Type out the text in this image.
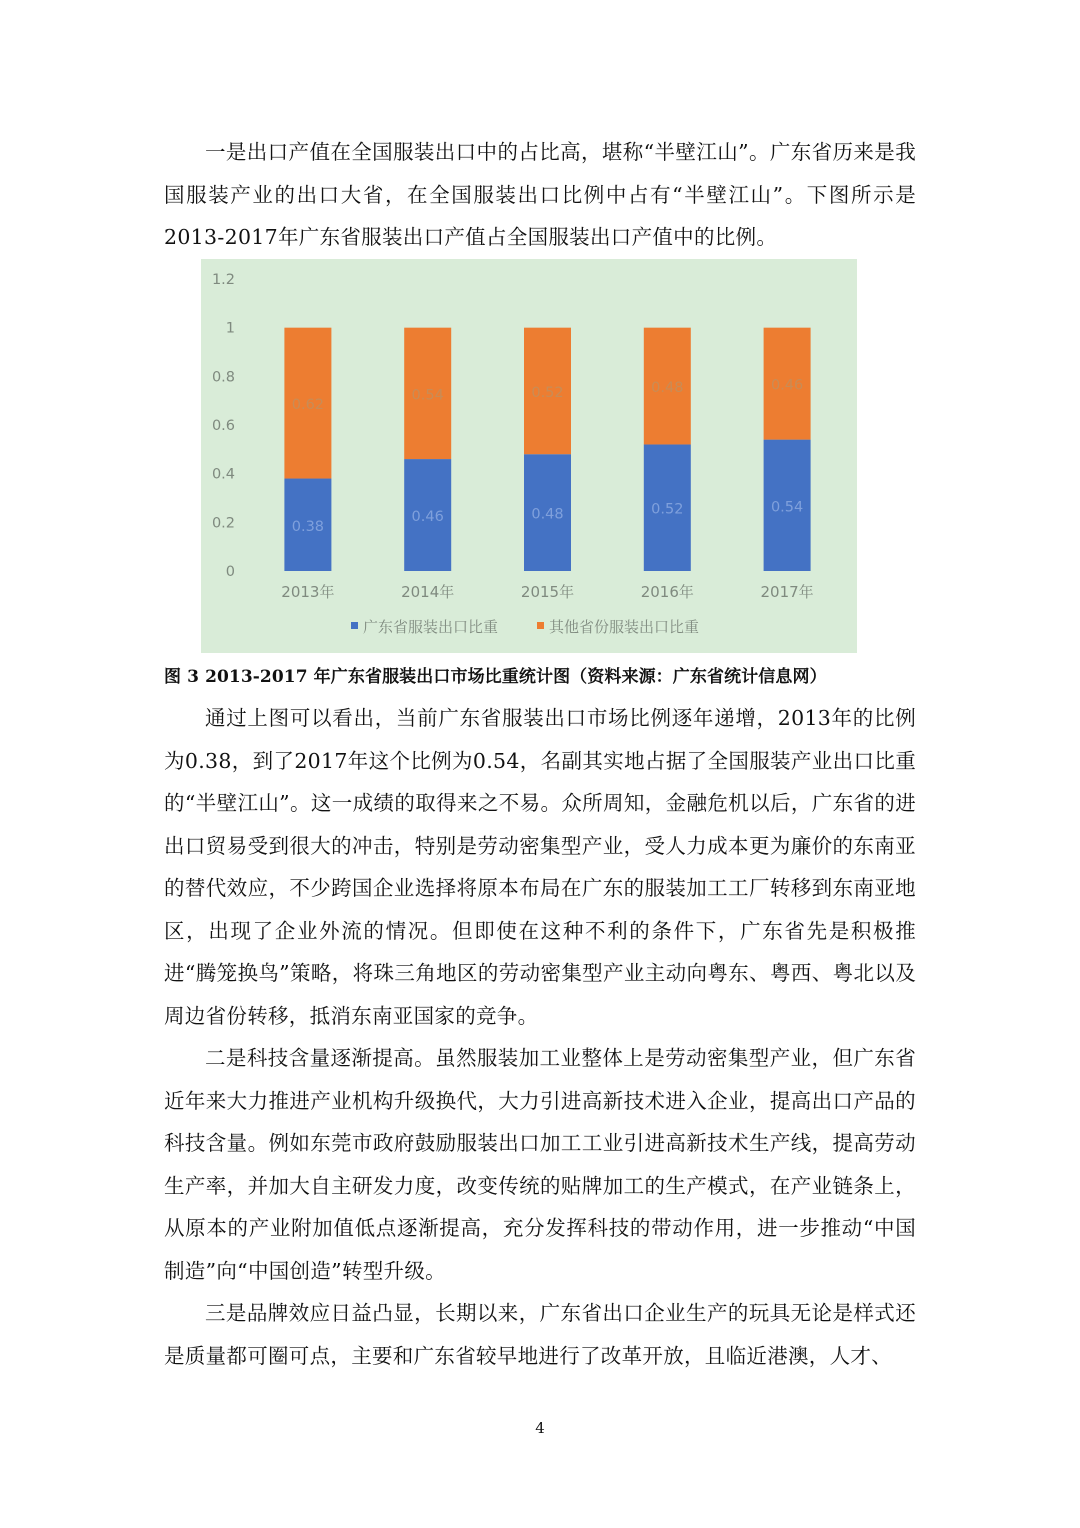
一是出口产值在全国服装出口中的占比高，堪称“半壁江山”。广东省历来是我国服装产业的出口大省，在全国服装出口比例中占有“半壁江山”。下图所示是2013-2017年广东省服装出口产值占全国服装出口产值中的比例。

0
0.2
0.4
0.6
0.8
1
1.2
0.38
0.62
0.46
0.54
0.48
0.52
0.52
0.48
0.54
0.46
2013年	2014年	2015年	2016年	2017年
广东省服装出口比重	其他省份服装出口比重

图 3 2013-2017 年广东省服装出口市场比重统计图（资料来源：广东省统计信息网）

通过上图可以看出，当前广东省服装出口市场比例逐年递增，2013年的比例为0.38，到了2017年这个比例为0.54，名副其实地占据了全国服装产业出口比重的“半壁江山”。这一成绩的取得来之不易。众所周知，金融危机以后，广东省的进出口贸易受到很大的冲击，特别是劳动密集型产业，受人力成本更为廉价的东南亚的替代效应，不少跨国企业选择将原本布局在广东的服装加工工厂转移到东南亚地区，出现了企业外流的情况。但即使在这种不利的条件下，广东省先是积极推进“腾笼换鸟”策略，将珠三角地区的劳动密集型产业主动向粤东、粤西、粤北以及周边省份转移，抵消东南亚国家的竞争。

二是科技含量逐渐提高。虽然服装加工业整体上是劳动密集型产业，但广东省近年来大力推进产业机构升级换代，大力引进高新技术进入企业，提高出口产品的科技含量。例如东莞市政府鼓励服装出口加工工业引进高新技术生产线，提高劳动生产率，并加大自主研发力度，改变传统的贴牌加工的生产模式，在产业链条上，从原本的产业附加值低点逐渐提高，充分发挥科技的带动作用，进一步推动“中国制造”向“中国创造”转型升级。

三是品牌效应日益凸显，长期以来，广东省出口企业生产的玩具无论是样式还是质量都可圈可点，主要和广东省较早地进行了改革开放，且临近港澳，人才、

4
